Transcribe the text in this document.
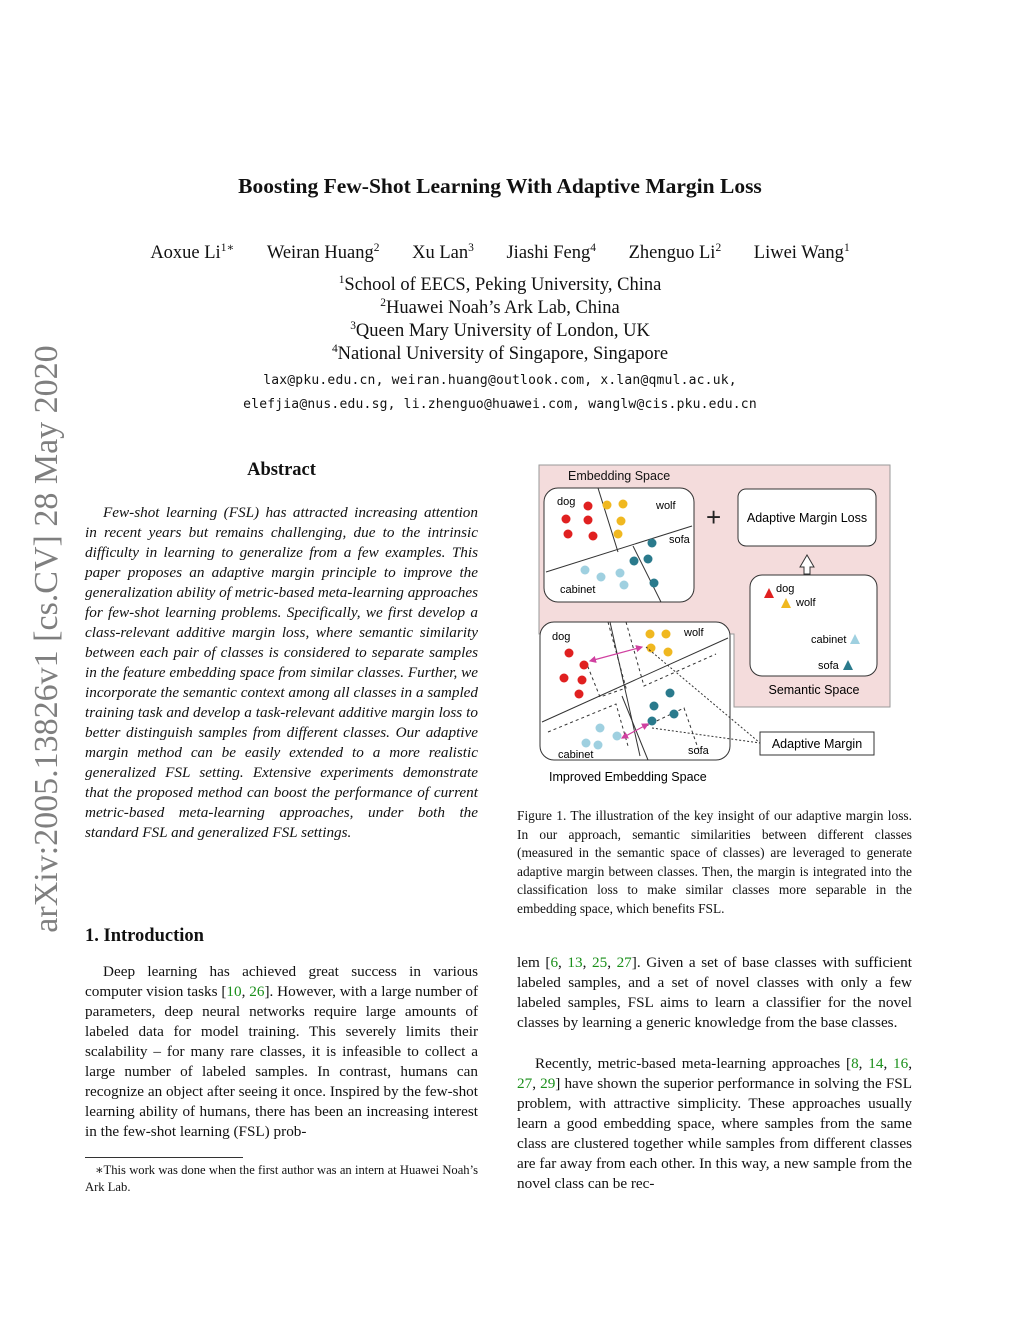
Boosting Few-Shot Learning With Adaptive Margin Loss
Aoxue $Li^{1∗}$ Weiran Huang$^2$ Xu Lan$^3$ Jiashi Feng$^4$ Zhenguo Li$^2$ Liwei Wang$^1$
$^1$School of EECS, Peking University, China
$^2$Huawei Noah’s Ark Lab, China
$^3$Queen Mary University of London, UK
$^4$National University of Singapore, Singapore
lax@pku.edu.cn, weiran.huang@outlook.com, x.lan@qmul.ac.uk,
elefjia@nus.edu.sg, li.zhenguo@huawei.com, wanglw@cis.pku.edu.cn
arXiv:2005.13826v1 [cs.CV] 28 May 2020	Abstract
Few-shot learning (FSL) has attracted increasing attention in recent years but remains challenging, due to the intrinsic difficulty in learning to generalize from a few examples. This paper proposes an adaptive margin principle to improve the generalization ability of metric-based meta-learning approaches for few-shot learning problems. Specifically, we first develop a class-relevant additive margin loss, where semantic similarity between each pair of classes is considered to separate samples in the feature embedding space from similar classes. Further, we incorporate the semantic context among all classes in a sampled training task and develop a task-relevant additive margin loss to better distinguish samples from different classes. Our adaptive margin method can be easily extended to a more realistic generalized FSL setting. Extensive experiments demonstrate that the proposed method can boost the performance of current metric-based meta-learning approaches, under both the standard FSL and generalized FSL settings.
1. Introduction
Deep learning has achieved great success in various computer vision tasks [10, 26]. However, with a large number of parameters, deep neural networks require large amounts of labeled data for model training. This severely limits their scalability – for many rare classes, it is infeasible to collect a large number of labeled samples. In contrast, humans can recognize an object after seeing it once. Inspired by the few-shot learning ability of humans, there has been an increasing interest in the few-shot learning (FSL) prob-
∗This work was done when the first author was an intern at Huawei Noah’s Ark Lab.
Embedding Space
dog	wolf
sofa
cabinet
+ Adaptive Margin Loss
dog
wolf
cabinet
sofa
Semantic Space
dog	wolf
sofa
cabinet
Adaptive Margin
Improved Embedding Space
Figure 1. The illustration of the key insight of our adaptive margin loss. In our approach, semantic similarities between different classes (measured in the semantic space of classes) are leveraged to generate adaptive margin between classes. Then, the margin is integrated into the classification loss to make similar classes more separable in the embedding space, which benefits FSL.
lem [6, 13, 25, 27]. Given a set of base classes with sufficient labeled samples, and a set of novel classes with only a few labeled samples, FSL aims to learn a classifier for the novel classes by learning a generic knowledge from the base classes.
Recently, metric-based meta-learning approaches [8, 14, 16, 27, 29] have shown the superior performance in solving the FSL problem, with attractive simplicity. These approaches usually learn a good embedding space, where samples from the same class are clustered together while samples from different classes are far away from each other. In this way, a new sample from the novel class can be rec-
